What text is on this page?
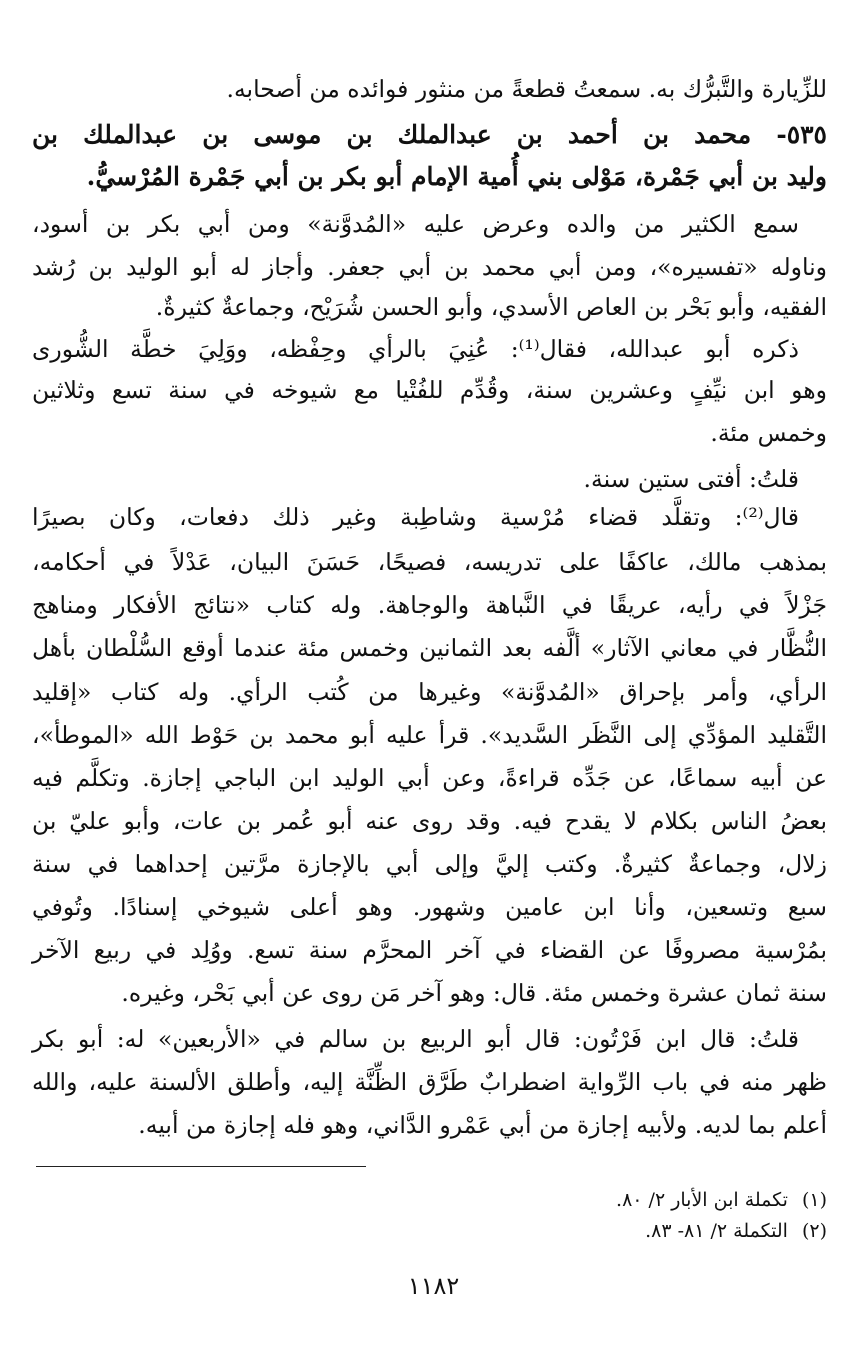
للزِّيارة والتَّبرُّك به. سمعتُ قطعةً من منثور فوائده من أصحابه.
٥٣٥- محمد بن أحمد بن عبدالملك بن موسى بن عبدالملك بن
وليد بن أبي جَمْرة، مَوْلى بني أُمية الإمام أبو بكر بن أبي جَمْرة المُرْسيُّ.
سمع الكثير من والده وعرض عليه «المُدوَّنة» ومن أبي بكر بن أسود،
وناوله «تفسيره»، ومن أبي محمد بن أبي جعفر. وأجاز له أبو الوليد بن رُشد
الفقيه، وأبو بَحْر بن العاص الأسدي، وأبو الحسن شُرَيْح، وجماعةٌ كثيرةٌ.
ذكره أبو عبدالله، فقال⁽¹⁾: عُنِيَ بالرأي وحِفْظه، ووَلِيَ خطَّة الشُّورى
وهو ابن نيِّفٍ وعشرين سنة، وقُدِّم للفُتْيا مع شيوخه في سنة تسع وثلاثين
وخمس مئة.
قلتُ: أفتى ستين سنة.
قال⁽²⁾: وتقلَّد قضاء مُرْسية وشاطِبة وغير ذلك دفعات، وكان بصيرًا
بمذهب مالك، عاكفًا على تدريسه، فصيحًا، حَسَنَ البيان، عَدْلاً في أحكامه،
جَزْلاً في رأيه، عريقًا في النَّباهة والوجاهة. وله كتاب «نتائج الأفكار ومناهج
النُّظَّار في معاني الآثار» ألَّفه بعد الثمانين وخمس مئة عندما أوقع السُّلْطان بأهل
الرأي، وأمر بإحراق «المُدوَّنة» وغيرها من كُتب الرأي. وله كتاب «إقليد
التَّقليد المؤدِّي إلى النَّظَر السَّديد». قرأ عليه أبو محمد بن حَوْط الله «الموطأ»،
عن أبيه سماعًا، عن جَدِّه قراءةً، وعن أبي الوليد ابن الباجي إجازة. وتكلَّم فيه
بعضُ الناس بكلام لا يقدح فيه. وقد روى عنه أبو عُمر بن عات، وأبو عليّ بن
زلال، وجماعةٌ كثيرةٌ. وكتب إليَّ وإلى أبي بالإجازة مرَّتين إحداهما في سنة
سبع وتسعين، وأنا ابن عامين وشهور. وهو أعلى شيوخي إسنادًا. وتُوفي
بمُرْسية مصروفًا عن القضاء في آخر المحرَّم سنة تسع. ووُلِد في ربيع الآخر
سنة ثمان عشرة وخمس مئة. قال: وهو آخر مَن روى عن أبي بَحْر، وغيره.
قلتُ: قال ابن فَرْتُون: قال أبو الربيع بن سالم في «الأربعين» له: أبو بكر
ظهر منه في باب الرِّواية اضطرابٌ طَرَّق الظِّنَّة إليه، وأطلق الألسنة عليه، والله
أعلم بما لديه. ولأبيه إجازة من أبي عَمْرو الدَّاني، وهو فله إجازة من أبيه.
(١)تكملة ابن الأبار ٢/ ٨٠.
(٢)التكملة ٢/ ٨١- ٨٣.
١١٨٢
